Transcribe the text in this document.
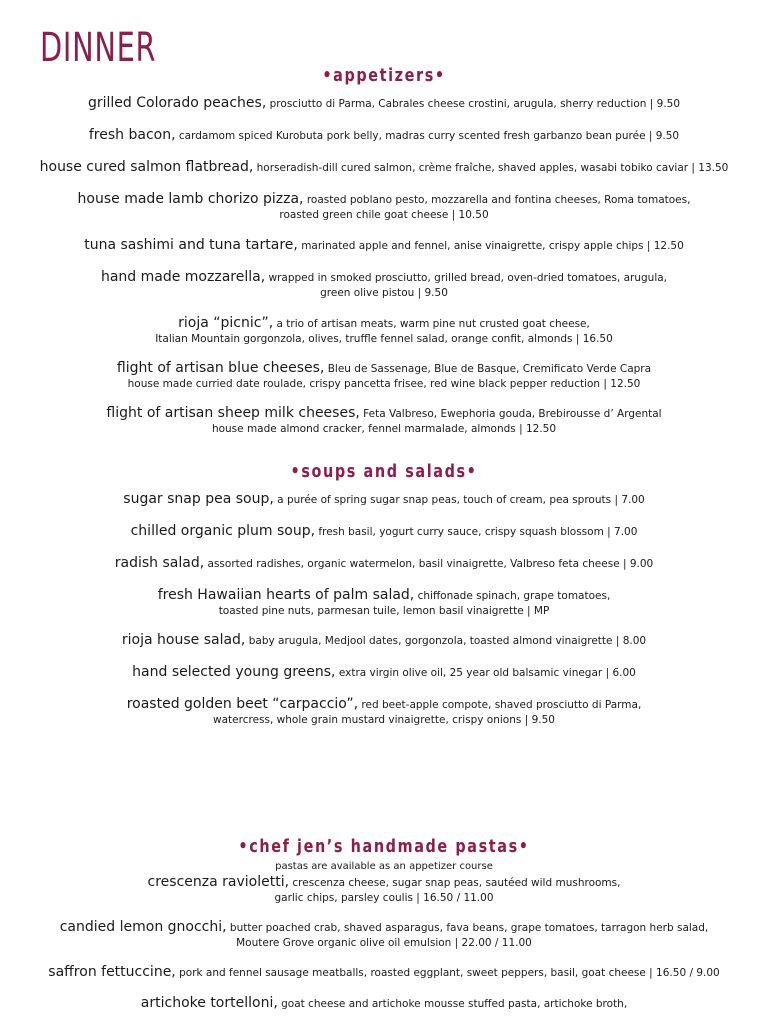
DINNER
•appetizers•
grilled Colorado peaches, prosciutto di Parma, Cabrales cheese crostini, arugula, sherry reduction | 9.50
fresh bacon, cardamom spiced Kurobuta pork belly, madras curry scented fresh garbanzo bean purée | 9.50
house cured salmon flatbread, horseradish-dill cured salmon, crème fraîche, shaved apples, wasabi tobiko caviar | 13.50
house made lamb chorizo pizza, roasted poblano pesto, mozzarella and fontina cheeses, Roma tomatoes,
roasted green chile goat cheese | 10.50
tuna sashimi and tuna tartare, marinated apple and fennel, anise vinaigrette, crispy apple chips | 12.50
hand made mozzarella, wrapped in smoked prosciutto, grilled bread, oven-dried tomatoes, arugula,
green olive pistou | 9.50
rioja “picnic”, a trio of artisan meats, warm pine nut crusted goat cheese,
Italian Mountain gorgonzola, olives, truffle fennel salad, orange confit, almonds | 16.50
flight of artisan blue cheeses, Bleu de Sassenage, Blue de Basque, Cremificato Verde Capra
house made curried date roulade, crispy pancetta frisee, red wine black pepper reduction | 12.50
flight of artisan sheep milk cheeses, Feta Valbreso, Ewephoria gouda, Brebirousse d’ Argental
house made almond cracker, fennel marmalade, almonds | 12.50
•soups and salads•
sugar snap pea soup, a purée of spring sugar snap peas, touch of cream, pea sprouts | 7.00
chilled organic plum soup, fresh basil, yogurt curry sauce, crispy squash blossom | 7.00
radish salad, assorted radishes, organic watermelon, basil vinaigrette, Valbreso feta cheese | 9.00
fresh Hawaiian hearts of palm salad, chiffonade spinach, grape tomatoes,
toasted pine nuts, parmesan tuile, lemon basil vinaigrette | MP
rioja house salad, baby arugula, Medjool dates, gorgonzola, toasted almond vinaigrette | 8.00
hand selected young greens, extra virgin olive oil, 25 year old balsamic vinegar | 6.00
roasted golden beet “carpaccio”, red beet-apple compote, shaved prosciutto di Parma,
watercress, whole grain mustard vinaigrette, crispy onions | 9.50
•chef jen’s handmade pastas•
pastas are available as an appetizer course
crescenza ravioletti, crescenza cheese, sugar snap peas, sautéed wild mushrooms,
garlic chips, parsley coulis | 16.50 / 11.00
candied lemon gnocchi, butter poached crab, shaved asparagus, fava beans, grape tomatoes, tarragon herb salad,
Moutere Grove organic olive oil emulsion | 22.00 / 11.00
saffron fettuccine, pork and fennel sausage meatballs, roasted eggplant, sweet peppers, basil, goat cheese | 16.50 / 9.00
artichoke tortelloni, goat cheese and artichoke mousse stuffed pasta, artichoke broth,
